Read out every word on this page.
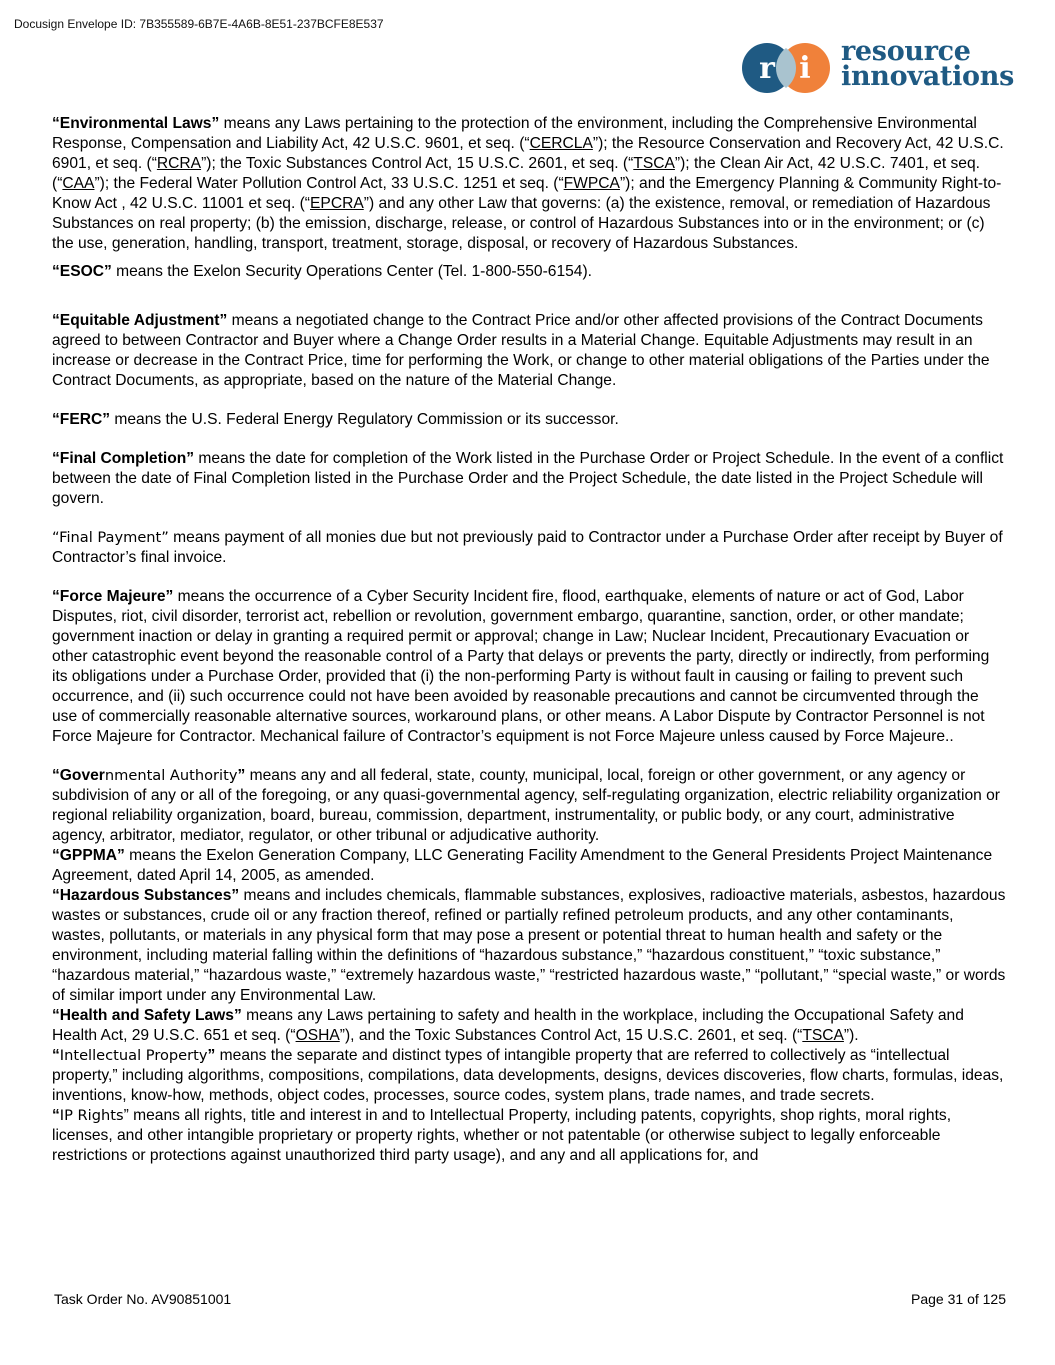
Docusign Envelope ID: 7B355589-6B7E-4A6B-8E51-237BCFE8E537
r i resource
innovations

“Environmental Laws” means any Laws pertaining to the protection of the environment, including the Comprehensive Environmental Response, Compensation and Liability Act, 42 U.S.C. 9601, et seq. (“CERCLA”); the Resource Conservation and Recovery Act, 42 U.S.C. 6901, et seq. (“RCRA”); the Toxic Substances Control Act, 15 U.S.C. 2601, et seq. (“TSCA”); the Clean Air Act, 42 U.S.C. 7401, et seq. (“CAA”); the Federal Water Pollution Control Act, 33 U.S.C. 1251 et seq. (“FWPCA”); and the Emergency Planning & Community Right-to-Know Act , 42 U.S.C. 11001 et seq. (“EPCRA”) and any other Law that governs: (a) the existence, removal, or remediation of Hazardous Substances on real property; (b) the emission, discharge, release, or control of Hazardous Substances into or in the environment; or (c) the use, generation, handling, transport, treatment, storage, disposal, or recovery of Hazardous Substances.

“ESOC” means the Exelon Security Operations Center (Tel. 1-800-550-6154).

“Equitable Adjustment” means a negotiated change to the Contract Price and/or other affected provisions of the Contract Documents agreed to between Contractor and Buyer where a Change Order results in a Material Change. Equitable Adjustments may result in an increase or decrease in the Contract Price, time for performing the Work, or change to other material obligations of the Parties under the Contract Documents, as appropriate, based on the nature of the Material Change.

“FERC” means the U.S. Federal Energy Regulatory Commission or its successor.

“Final Completion” means the date for completion of the Work listed in the Purchase Order or Project Schedule. In the event of a conflict between the date of Final Completion listed in the Purchase Order and the Project Schedule, the date listed in the Project Schedule will govern.

“Final Payment” means payment of all monies due but not previously paid to Contractor under a Purchase Order after receipt by Buyer of Contractor’s final invoice.

“Force Majeure” means the occurrence of a Cyber Security Incident fire, flood, earthquake, elements of nature or act of God, Labor Disputes, riot, civil disorder, terrorist act, rebellion or revolution, government embargo, quarantine, sanction, order, or other mandate; government inaction or delay in granting a required permit or approval; change in Law; Nuclear Incident, Precautionary Evacuation or other catastrophic event beyond the reasonable control of a Party that delays or prevents the party, directly or indirectly, from performing its obligations under a Purchase Order, provided that (i) the non-performing Party is without fault in causing or failing to prevent such occurrence, and (ii) such occurrence could not have been avoided by reasonable precautions and cannot be circumvented through the use of commercially reasonable alternative sources, workaround plans, or other means. A Labor Dispute by Contractor Personnel is not Force Majeure for Contractor. Mechanical failure of Contractor’s equipment is not Force Majeure unless caused by Force Majeure..

“Governmental Authority” means any and all federal, state, county, municipal, local, foreign or other government, or any agency or subdivision of any or all of the foregoing, or any quasi-governmental agency, self-regulating organization, electric reliability organization or regional reliability organization, board, bureau, commission, department, instrumentality, or public body, or any court, administrative agency, arbitrator, mediator, regulator, or other tribunal or adjudicative authority.

“GPPMA” means the Exelon Generation Company, LLC Generating Facility Amendment to the General Presidents Project Maintenance Agreement, dated April 14, 2005, as amended.

“Hazardous Substances” means and includes chemicals, flammable substances, explosives, radioactive materials, asbestos, hazardous wastes or substances, crude oil or any fraction thereof, refined or partially refined petroleum products, and any other contaminants, wastes, pollutants, or materials in any physical form that may pose a present or potential threat to human health and safety or the environment, including material falling within the definitions of “hazardous substance,” “hazardous constituent,” “toxic substance,” “hazardous material,” “hazardous waste,” “extremely hazardous waste,” “restricted hazardous waste,” “pollutant,” “special waste,” or words of similar import under any Environmental Law.

“Health and Safety Laws” means any Laws pertaining to safety and health in the workplace, including the Occupational Safety and Health Act, 29 U.S.C. 651 et seq. (“OSHA”), and the Toxic Substances Control Act, 15 U.S.C. 2601, et seq. (“TSCA”).

“Intellectual Property” means the separate and distinct types of intangible property that are referred to collectively as “intellectual property,” including algorithms, compositions, compilations, data developments, designs, devices discoveries, flow charts, formulas, ideas, inventions, know-how, methods, object codes, processes, source codes, system plans, trade names, and trade secrets.

“IP Rights” means all rights, title and interest in and to Intellectual Property, including patents, copyrights, shop rights, moral rights, licenses, and other intangible proprietary or property rights, whether or not patentable (or otherwise subject to legally enforceable restrictions or protections against unauthorized third party usage), and any and all applications for, and

Task Order No. AV90851001	Page 31 of 125
